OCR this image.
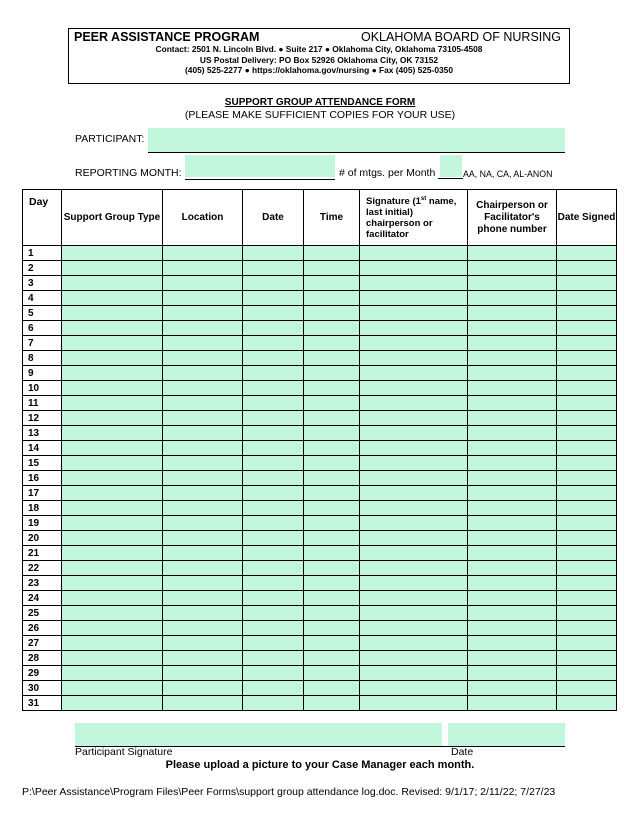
PEER ASSISTANCE PROGRAM	OKLAHOMA BOARD OF NURSING
Contact: 2501 N. Lincoln Blvd. ● Suite 217 ● Oklahoma City, Oklahoma 73105-4508
US Postal Delivery: PO Box 52926 Oklahoma City, OK 73152
(405) 525-2277 ● https://oklahoma.gov/nursing ● Fax (405) 525-0350
SUPPORT GROUP ATTENDANCE FORM
(PLEASE MAKE SUFFICIENT COPIES FOR YOUR USE)
PARTICIPANT:
REPORTING MONTH:	# of mtgs. per Month	AA, NA, CA, AL-ANON
Day	Support Group Type	Location	Date	Time	Signature (1st name, last initial) chairperson or facilitator	Chairperson or Facilitator's phone number	Date Signed
1							
2							
3							
4							
5							
6							
7							
8							
9							
10							
11							
12							
13							
14							
15							
16							
17							
18							
19							
20							
21							
22							
23							
24							
25							
26							
27							
28							
29							
30							
31							
Participant Signature	Date
Please upload a picture to your Case Manager each month.
P:\Peer Assistance\Program Files\Peer Forms\support group attendance log.doc. Revised: 9/1/17; 2/11/22; 7/27/23
